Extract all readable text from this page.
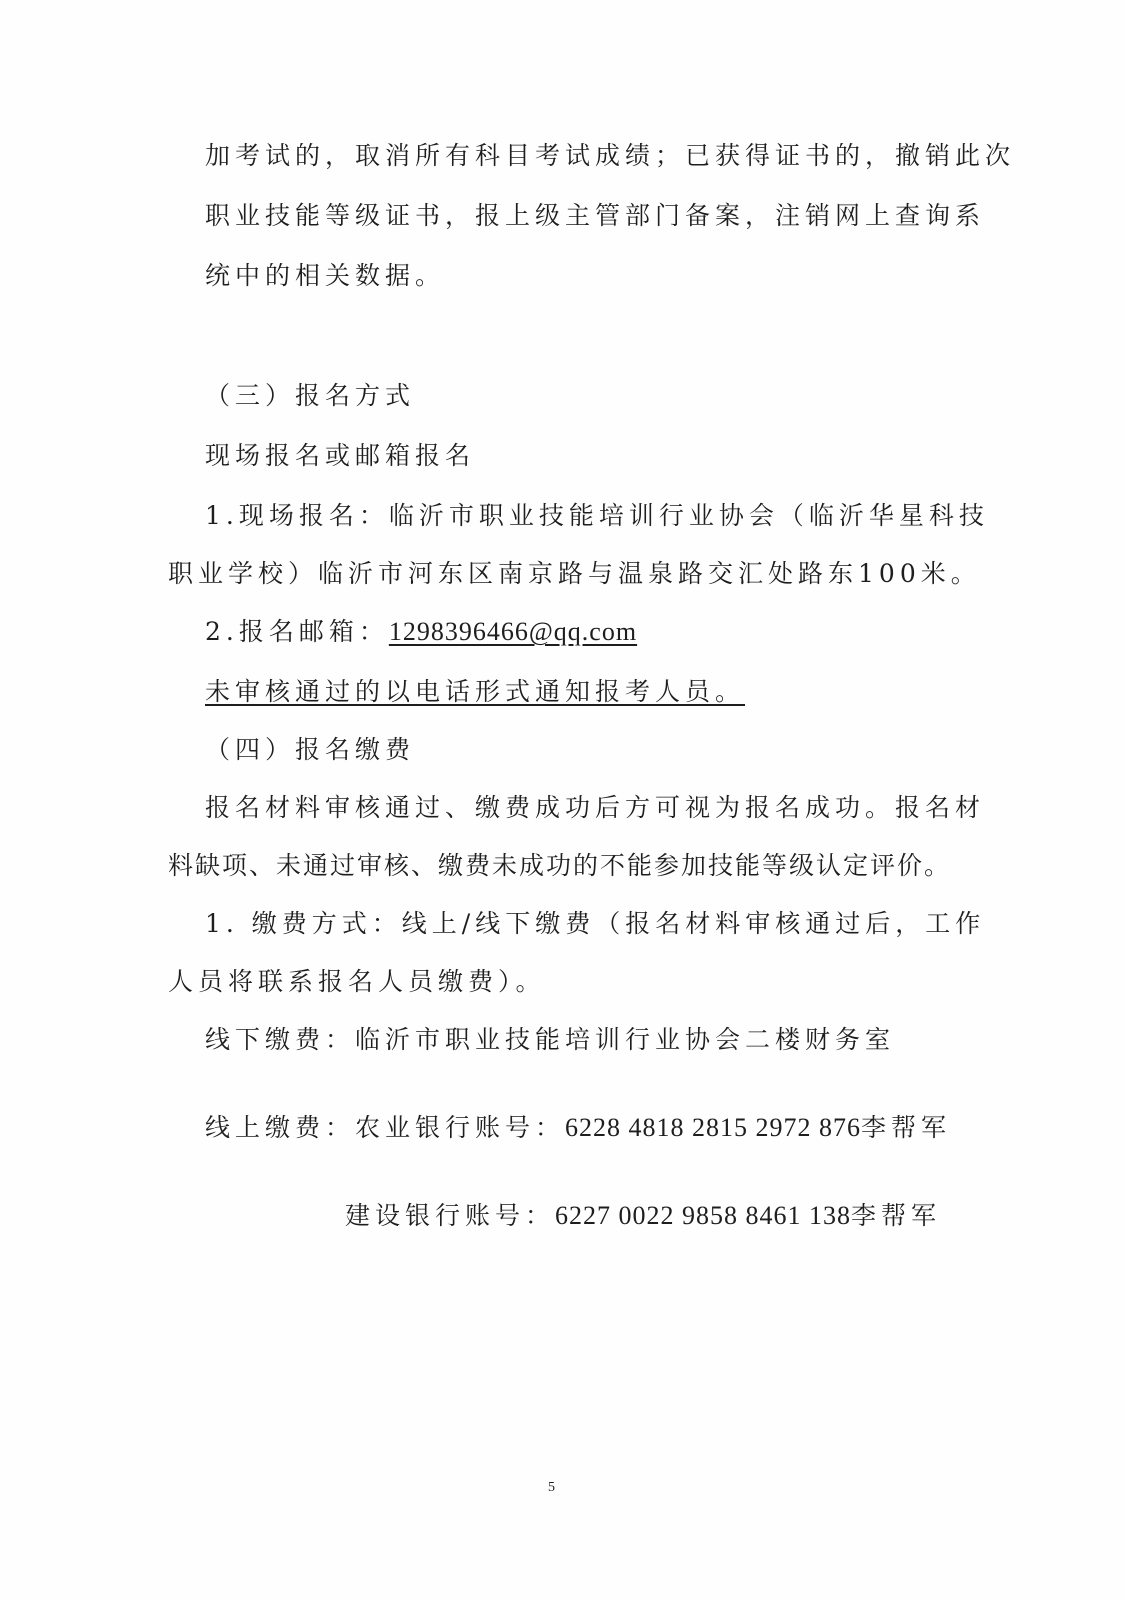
加考试的，取消所有科目考试成绩；已获得证书的，撤销此次
职业技能等级证书，报上级主管部门备案，注销网上查询系
统中的相关数据。
（三）报名方式
现场报名或邮箱报名
1.现场报名：临沂市职业技能培训行业协会（临沂华星科技
职业学校）临沂市河东区南京路与温泉路交汇处路东100米。
2.报名邮箱：1298396466@qq.com
未审核通过的以电话形式通知报考人员。
（四）报名缴费
报名材料审核通过、缴费成功后方可视为报名成功。报名材
料缺项、未通过审核、缴费未成功的不能参加技能等级认定评价。
1. 缴费方式：线上/线下缴费（报名材料审核通过后，工作
人员将联系报名人员缴费）。
线下缴费：临沂市职业技能培训行业协会二楼财务室
线上缴费：农业银行账号：6228 4818 2815 2972 876李帮军
建设银行账号：6227 0022 9858 8461 138李帮军
5
